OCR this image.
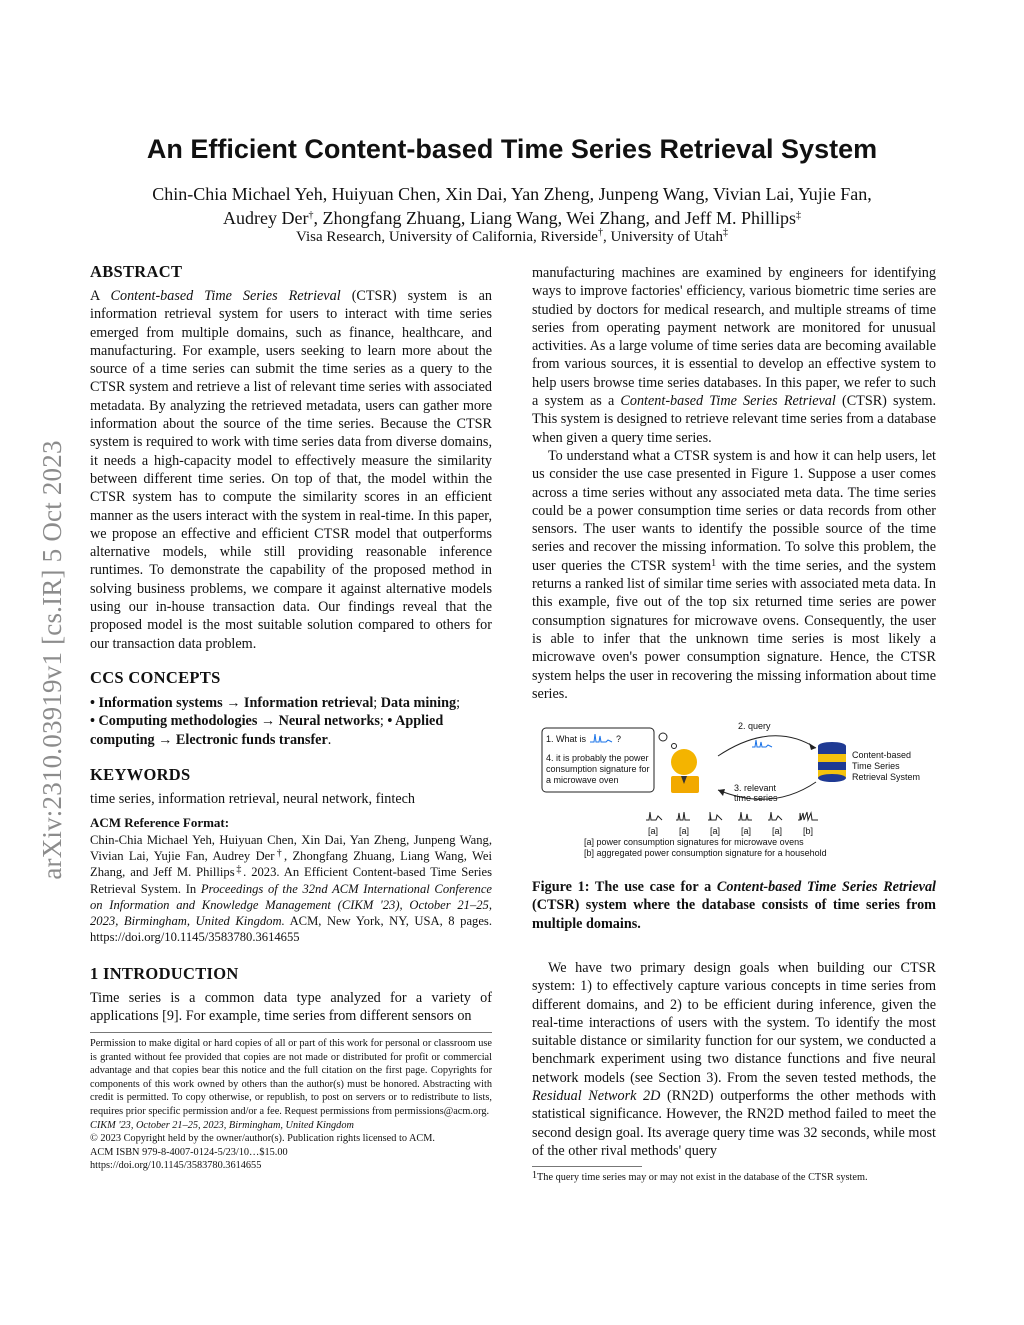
arXiv:2310.03919v1 [cs.IR] 5 Oct 2023
An Efficient Content-based Time Series Retrieval System
Chin-Chia Michael Yeh, Huiyuan Chen, Xin Dai, Yan Zheng, Junpeng Wang, Vivian Lai, Yujie Fan,
Audrey Der†, Zhongfang Zhuang, Liang Wang, Wei Zhang, and Jeff M. Phillips‡
Visa Research, University of California, Riverside†, University of Utah‡
ABSTRACT
A Content-based Time Series Retrieval (CTSR) system is an information retrieval system for users to interact with time series emerged from multiple domains, such as finance, healthcare, and manufacturing. For example, users seeking to learn more about the source of a time series can submit the time series as a query to the CTSR system and retrieve a list of relevant time series with associated metadata. By analyzing the retrieved metadata, users can gather more information about the source of the time series. Because the CTSR system is required to work with time series data from diverse domains, it needs a high-capacity model to effectively measure the similarity between different time series. On top of that, the model within the CTSR system has to compute the similarity scores in an efficient manner as the users interact with the system in real-time. In this paper, we propose an effective and efficient CTSR model that outperforms alternative models, while still providing reasonable inference runtimes. To demonstrate the capability of the proposed method in solving business problems, we compare it against alternative models using our in-house transaction data. Our findings reveal that the proposed model is the most suitable solution compared to others for our transaction data problem.
CCS CONCEPTS
• Information systems → Information retrieval; Data mining;
• Computing methodologies → Neural networks; • Applied computing → Electronic funds transfer.
KEYWORDS
time series, information retrieval, neural network, fintech
ACM Reference Format:
Chin-Chia Michael Yeh, Huiyuan Chen, Xin Dai, Yan Zheng, Junpeng Wang, Vivian Lai, Yujie Fan, Audrey Der†, Zhongfang Zhuang, Liang Wang, Wei Zhang, and Jeff M. Phillips‡. 2023. An Efficient Content-based Time Series Retrieval System. In Proceedings of the 32nd ACM International Conference on Information and Knowledge Management (CIKM '23), October 21–25, 2023, Birmingham, United Kingdom. ACM, New York, NY, USA, 8 pages. https://doi.org/10.1145/3583780.3614655
1 INTRODUCTION
Time series is a common data type analyzed for a variety of applications [9]. For example, time series from different sensors on
Permission to make digital or hard copies of all or part of this work for personal or classroom use is granted without fee provided that copies are not made or distributed for profit or commercial advantage and that copies bear this notice and the full citation on the first page. Copyrights for components of this work owned by others than the author(s) must be honored. Abstracting with credit is permitted. To copy otherwise, or republish, to post on servers or to redistribute to lists, requires prior specific permission and/or a fee. Request permissions from permissions@acm.org.
CIKM '23, October 21–25, 2023, Birmingham, United Kingdom
© 2023 Copyright held by the owner/author(s). Publication rights licensed to ACM.
ACM ISBN 979-8-4007-0124-5/23/10…$15.00
https://doi.org/10.1145/3583780.3614655

manufacturing machines are examined by engineers for identifying ways to improve factories' efficiency, various biometric time series are studied by doctors for medical research, and multiple streams of time series from operating payment network are monitored for unusual activities. As a large volume of time series data are becoming available from various sources, it is essential to develop an effective system to help users browse time series databases. In this paper, we refer to such a system as a Content-based Time Series Retrieval (CTSR) system. This system is designed to retrieve relevant time series from a database when given a query time series.

To understand what a CTSR system is and how it can help users, let us consider the use case presented in Figure 1. Suppose a user comes across a time series without any associated meta data. The time series could be a power consumption time series or data records from other sensors. The user wants to identify the possible source of the time series and recover the missing information. To solve this problem, the user queries the CTSR system$^1$ with the time series, and the system returns a ranked list of similar time series with associated meta data. In this example, five out of the top six returned time series are power consumption signatures for microwave ovens. Consequently, the user is able to infer that the unknown time series is most likely a microwave oven's power consumption signature. Hence, the CTSR system helps the user in recovering the missing information about time series.

1. What is	?
4. it is probably the power
consumption signature for
a microwave oven
2. query
3. relevant
time series
Content-based
Time Series
Retrieval System
[a] [a] [a] [a] [a] [b]
[a] power consumption signatures for microwave ovens
[b] aggregated power consumption signature for a household
Figure 1: The use case for a Content-based Time Series Retrieval (CTSR) system where the database consists of time series from multiple domains.

We have two primary design goals when building our CTSR system: 1) to effectively capture various concepts in time series from different domains, and 2) to be efficient during inference, given the real-time interactions of users with the system. To identify the most suitable distance or similarity function for our system, we conducted a benchmark experiment using two distance functions and five neural network models (see Section 3). From the seven tested methods, the Residual Network 2D (RN2D) outperforms the other methods with statistical significance. However, the RN2D method failed to meet the second design goal. Its average query time was 32 seconds, while most of the other rival methods' query

$^1$The query time series may or may not exist in the database of the CTSR system.
